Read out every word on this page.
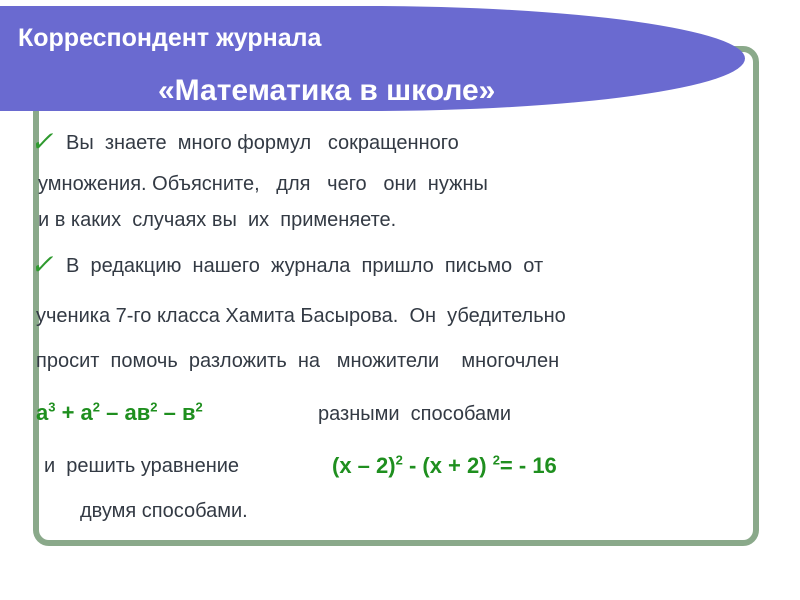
Корреспондент журнала
«Математика в школе»
✓ Вы  знаете  много формул   сокращенного
умножения. Объясните,   для   чего   они  нужны
и в каких  случаях вы  их  применяете.
✓ В  редакцию  нашего  журнала  пришло  письмо  от
ученика 7-го класса Хамита Басырова.  Он  убедительно
просит  помочь  разложить  на   множители    многочлен
$а^3 + а^2 - ав^2 - в^2$	разными  способами
и  решить уравнение	(х – 2)$^2$ - (х + 2) $^2$= - 16
двумя способами.
